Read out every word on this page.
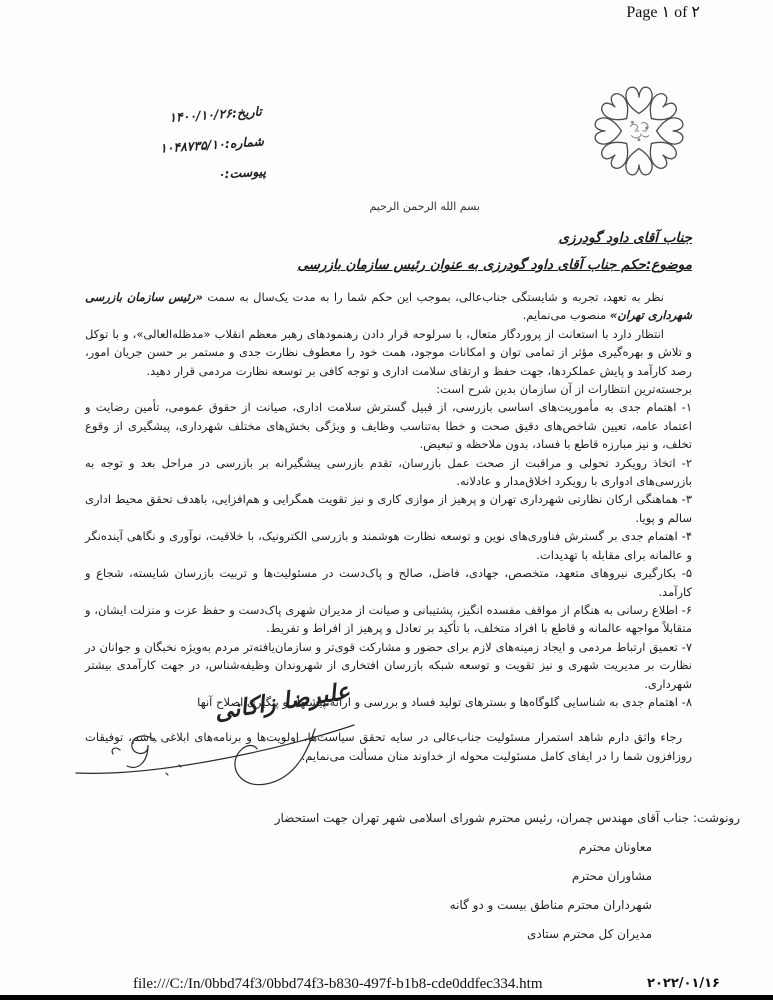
Page ۱ of ۲
تاریخ:۱۴۰۰/۱۰/۲۶
شماره:۱۰۴۸۷۳۵/۱۰
پیوست:۰
بسم الله الرحمن الرحیم
جناب آقای داود گودرزی
موضوع:حکم جناب آقای داود گودرزی به عنوان رئیس سازمان بازرسی

نظر به تعهد، تجربه و شایستگی جناب‌عالی، بموجب این حکم شما را به مدت یک‌سال به سمت «رئیس سازمان بازرسی شهرداری تهران» منصوب می‌نمایم.

انتظار دارد با استعانت از پروردگار متعال، با سرلوحه قرار دادن رهنمودهای رهبر معظم انقلاب «مدظله‌العالی»، و با توکل و تلاش و بهره‌گیری مؤثر از تمامی توان و امکانات موجود، همت خود را معطوف نظارت جدی و مستمر بر حسن جریان امور، رصد کارآمد و پایش عملکردها، جهت حفظ و ارتقای سلامت اداری و توجه کافی بر توسعه نظارت مردمی قرار دهید.

برجسته‌ترین انتظارات از آن سازمان بدین شرح است:

۱- اهتمام جدی به مأموریت‌های اساسی بازرسی، از قبیل گسترش سلامت اداری، صیانت از حقوق عمومی، تأمین رضایت و اعتماد عامه، تعیین شاخص‌های دقیق صحت و خطا به‌تناسب وظایف و ویژگی بخش‌های مختلف شهرداری، پیشگیری از وقوع تخلف، و نیز مبارزه قاطع با فساد، بدون ملاحظه و تبعیض.

۲- اتخاذ رویکرد تحولی و مراقبت از صحت عمل بازرسان، تقدم بازرسی پیشگیرانه بر بازرسی در مراحل بعد و توجه به بازرسی‌های ادواری با رویکرد اخلاق‌مدار و عادلانه.

۳- هماهنگی ارکان نظارتی شهرداری تهران و پرهیز از موازی کاری و نیز تقویت همگرایی و هم‌افزایی، باهدف تحقق محیط اداری سالم و پویا.

۴- اهتمام جدی بر گسترش فناوری‌های نوین و توسعه نظارت هوشمند و بازرسی الکترونیک، با خلاقیت، نوآوری و نگاهی آینده‌نگر و عالمانه برای مقابله با تهدیدات.

۵- بکارگیری نیروهای متعهد، متخصص، جهادی، فاضل، صالح و پاک‌دست در مسئولیت‌ها و تربیت بازرسان شایسته، شجاع و کارآمد.

۶- اطلاع رسانی به هنگام از مواقف مفسده انگیز، پشتیبانی و صیانت از مدیران شهری پاک‌دست و حفظ عزت و منزلت ایشان، و متقابلاً مواجهه عالمانه و قاطع با افراد متخلف، با تأکید بر تعادل و پرهیز از افراط و تفریط.

۷- تعمیق ارتباط مردمی و ایجاد زمینه‌های لازم برای حضور و مشارکت قوی‌تر و سازمان‌یافته‌تر مردم به‌ویژه نخبگان و جوانان در نظارت بر مدیریت شهری و نیز تقویت و توسعه شبکه بازرسان افتخاری از شهروندان وظیفه‌شناس، در جهت کارآمدی بیشتر شهرداری.

۸- اهتمام جدی به شناسایی گلوگاه‌ها و بسترهای تولید فساد و بررسی و ارائه پیشنهاد و پیگیری اصلاح آنها

رجاء واثق دارم شاهد استمرار مسئولیت جناب‌عالی در سایه تحقق سیاست‌ها، اولویت‌ها و برنامه‌های ابلاغی باشم، توفیقات روزافزون شما را در ایفای کامل مسئولیت محوله از خداوند منان مسألت می‌نمایم.

علیرضا زاکانی
رونوشت: جناب آقای مهندس چمران، رئیس محترم شورای اسلامی شهر تهران جهت استحضار
معاونان محترم
مشاوران محترم
شهرداران محترم مناطق بیست و دو گانه
مدیران کل محترم ستادی
file:///C:/In/0bbd74f3/0bbd74f3-b830-497f-b1b8-cde0ddfec334.htm	۲۰۲۲/۰۱/۱۶
